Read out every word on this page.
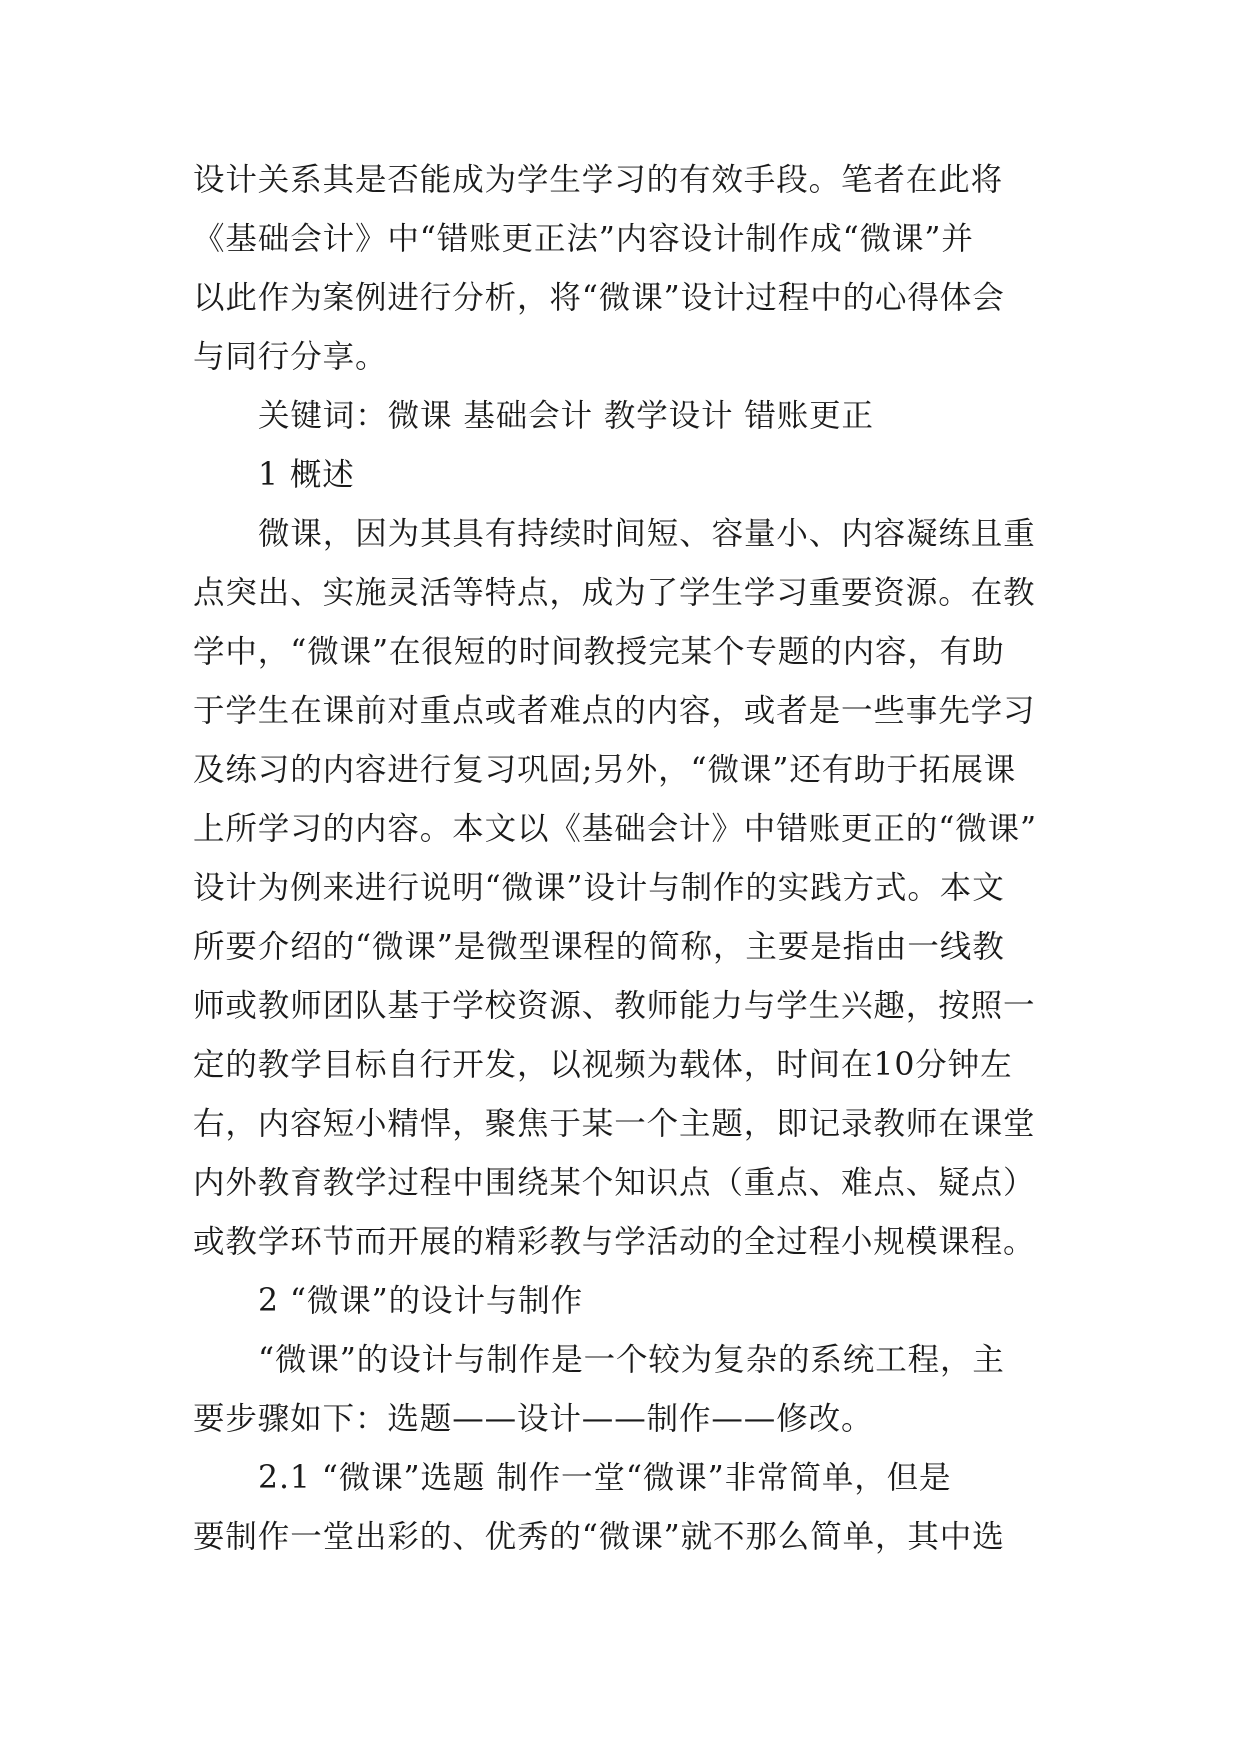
设计关系其是否能成为学生学习的有效手段。笔者在此将
《基础会计》中“错账更正法”内容设计制作成“微课”并
以此作为案例进行分析，将“微课”设计过程中的心得体会
与同行分享。
关键词：微课 基础会计 教学设计 错账更正
1 概述
微课，因为其具有持续时间短、容量小、内容凝练且重
点突出、实施灵活等特点，成为了学生学习重要资源。在教
学中，“微课”在很短的时间教授完某个专题的内容，有助
于学生在课前对重点或者难点的内容，或者是一些事先学习
及练习的内容进行复习巩固;另外，“微课”还有助于拓展课
上所学习的内容。本文以《基础会计》中错账更正的“微课”
设计为例来进行说明“微课”设计与制作的实践方式。本文
所要介绍的“微课”是微型课程的简称，主要是指由一线教
师或教师团队基于学校资源、教师能力与学生兴趣，按照一
定的教学目标自行开发，以视频为载体，时间在10分钟左
右，内容短小精悍，聚焦于某一个主题，即记录教师在课堂
内外教育教学过程中围绕某个知识点（重点、难点、疑点）
或教学环节而开展的精彩教与学活动的全过程小规模课程。
2 “微课”的设计与制作
“微课”的设计与制作是一个较为复杂的系统工程，主
要步骤如下：选题——设计——制作——修改。
2.1 “微课”选题 制作一堂“微课”非常简单，但是
要制作一堂出彩的、优秀的“微课”就不那么简单，其中选
